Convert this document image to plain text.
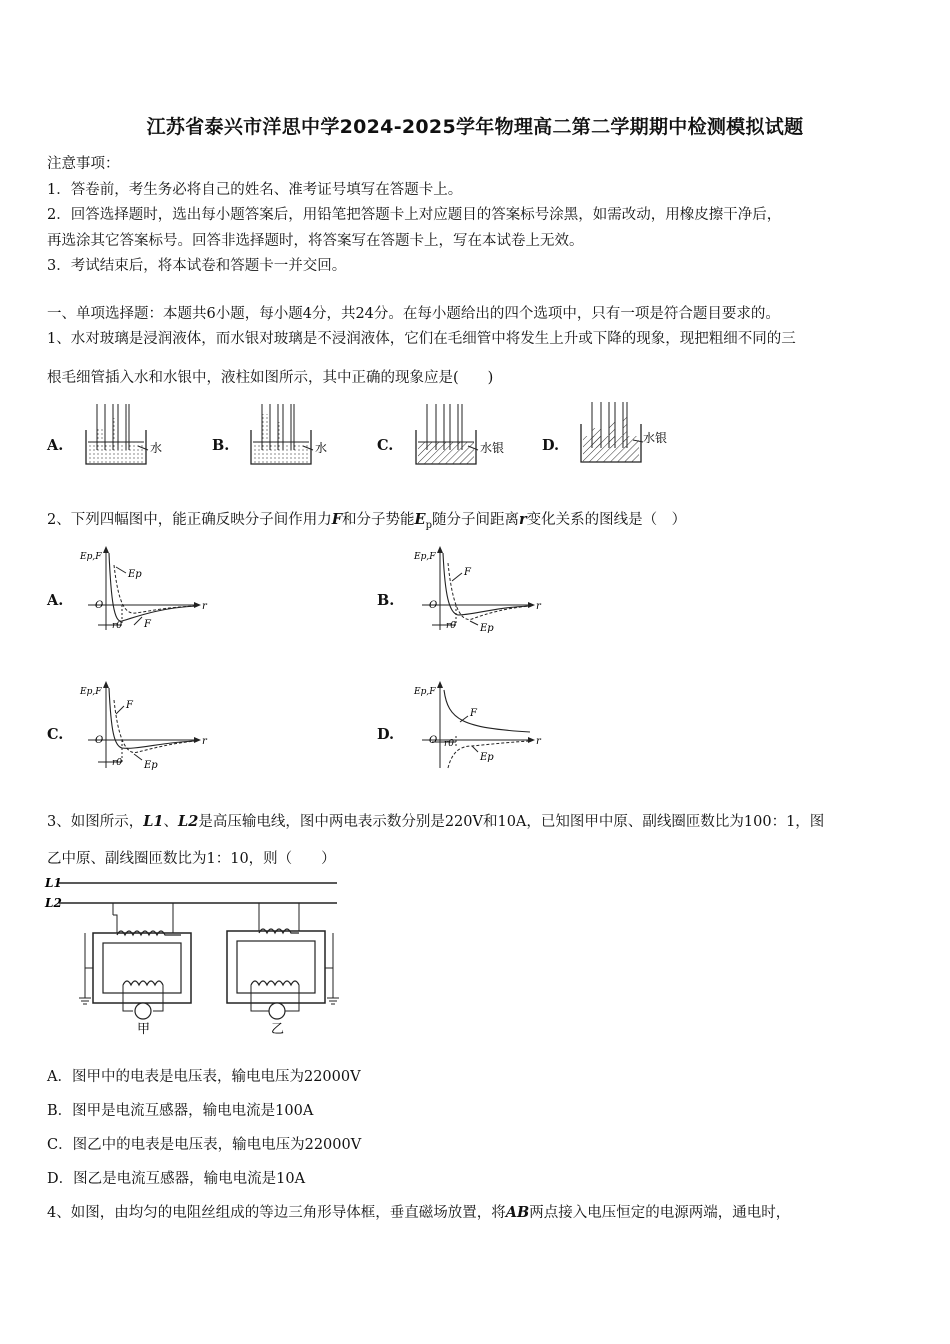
江苏省泰兴市洋思中学2024-2025学年物理高二第二学期期中检测模拟试题
注意事项：
1．答卷前，考生务必将自己的姓名、准考证号填写在答题卡上。
2．回答选择题时，选出每小题答案后，用铅笔把答题卡上对应题目的答案标号涂黑，如需改动，用橡皮擦干净后，
再选涂其它答案标号。回答非选择题时，将答案写在答题卡上，写在本试卷上无效。
3．考试结束后，将本试卷和答题卡一并交回。
一、单项选择题：本题共6小题，每小题4分，共24分。在每小题给出的四个选项中，只有一项是符合题目要求的。
1、水对玻璃是浸润液体，而水银对玻璃是不浸润液体，它们在毛细管中将发生上升或下降的现象，现把粗细不同的三
根毛细管插入水和水银中，液柱如图所示，其中正确的现象应是(　　)
A.	B.	C.	D.
水	水	水银
水银
2、下列四幅图中，能正确反映分子间作用力F和分子势能$E_p$随分子间距离r变化关系的图线是（　）
A.	B.
C.	D.
Ep,F
r
O
Ep
r0 F
Ep,F
r
O
F
r0 Ep
Ep,F
r
O
F
r0 Ep
Ep,F
r
O
F
r0
Ep
3、如图所示，L1、L2是高压输电线，图中两电表示数分别是220V和10A，已知图甲中原、副线圈匝数比为100：1，图
乙中原、副线圈匝数比为1：10，则（　　）
L1
L2
甲	乙
A．图甲中的电表是电压表，输电电压为22000V
B．图甲是电流互感器，输电电流是100A
C．图乙中的电表是电压表，输电电压为22000V
D．图乙是电流互感器，输电电流是10A
4、如图，由均匀的电阻丝组成的等边三角形导体框，垂直磁场放置，将AB两点接入电压恒定的电源两端，通电时，
